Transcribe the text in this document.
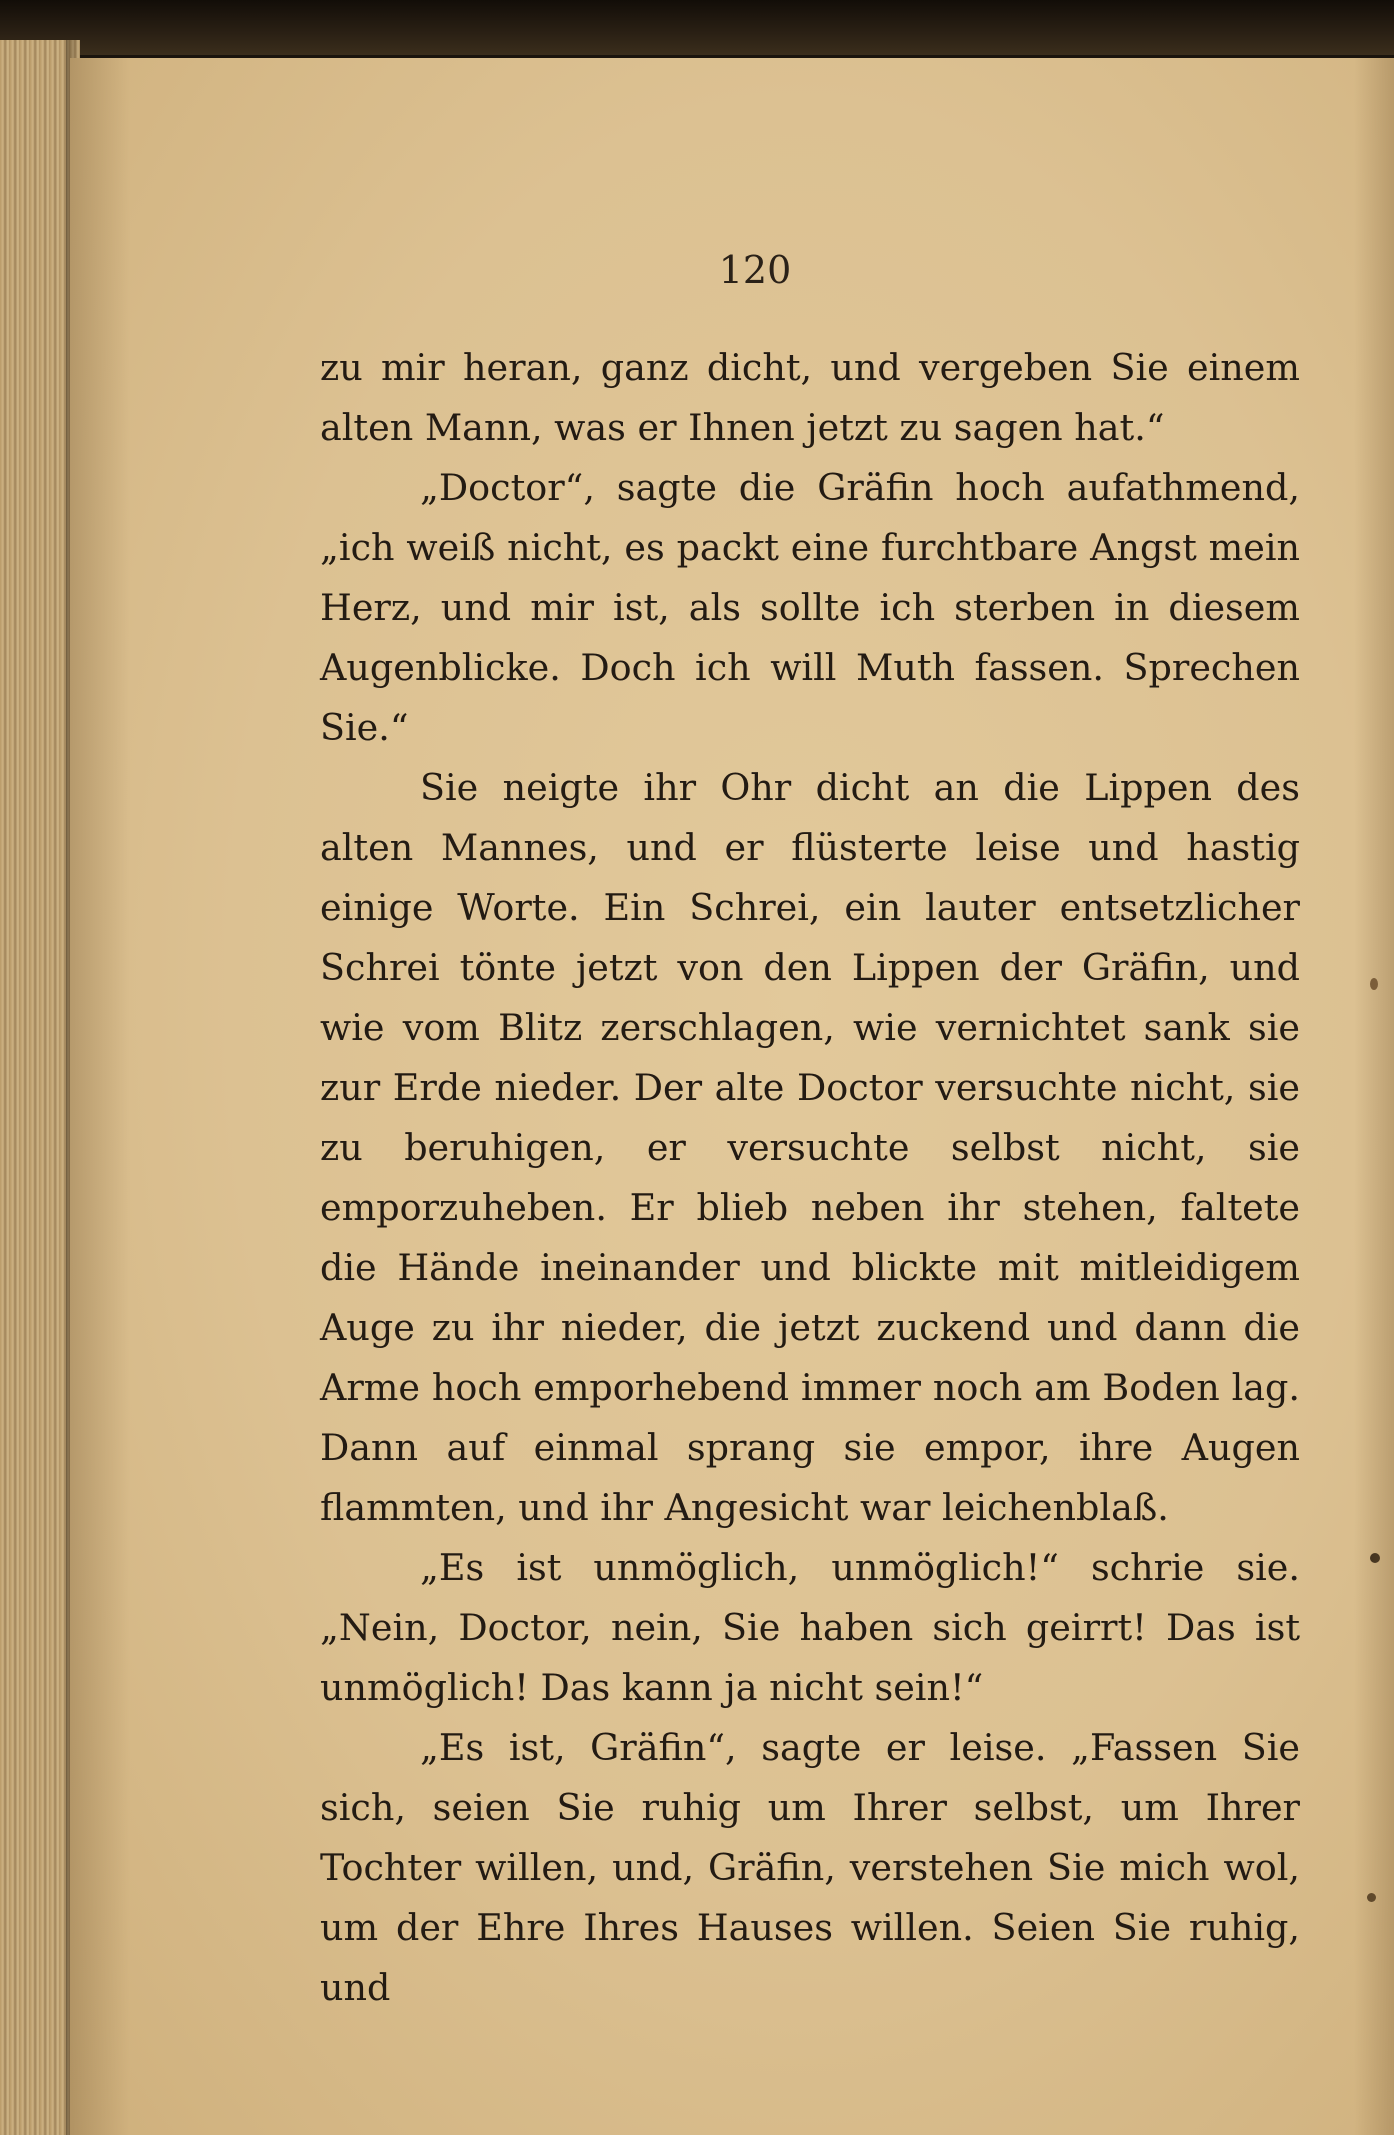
120

zu mir heran, ganz dicht, und vergeben Sie einem alten Mann, was er Ihnen jetzt zu sagen hat.“

„Doctor“, sagte die Gräfin hoch aufathmend, „ich weiß nicht, es packt eine furchtbare Angst mein Herz, und mir ist, als sollte ich sterben in diesem Augenblicke. Doch ich will Muth fassen. Sprechen Sie.“

Sie neigte ihr Ohr dicht an die Lippen des alten Mannes, und er flüsterte leise und hastig einige Worte. Ein Schrei, ein lauter entsetzlicher Schrei tönte jetzt von den Lippen der Gräfin, und wie vom Blitz zerschlagen, wie vernichtet sank sie zur Erde nieder. Der alte Doctor versuchte nicht, sie zu beruhigen, er versuchte selbst nicht, sie emporzuheben. Er blieb neben ihr stehen, faltete die Hände ineinander und blickte mit mitleidigem Auge zu ihr nieder, die jetzt zuckend und dann die Arme hoch emporhebend immer noch am Boden lag. Dann auf einmal sprang sie empor, ihre Augen flammten, und ihr Angesicht war leichenblaß.

„Es ist unmöglich, unmöglich!“ schrie sie. „Nein, Doctor, nein, Sie haben sich geirrt! Das ist unmöglich! Das kann ja nicht sein!“

„Es ist, Gräfin“, sagte er leise. „Fassen Sie sich, seien Sie ruhig um Ihrer selbst, um Ihrer Tochter willen, und, Gräfin, verstehen Sie mich wol, um der Ehre Ihres Hauses willen. Seien Sie ruhig, und
